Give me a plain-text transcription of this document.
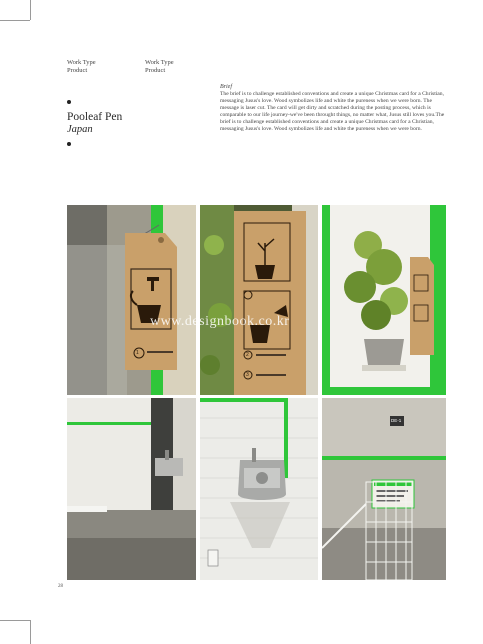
Work Type
Product
Work Type
Product
Pooleaf Pen
Japan
Brief
The brief is to challenge established conventions and create a unique Christmas card for a Christian, messaging Jusus's love. Wood symbolizes life and white the pureness when we were born. The message is laser cut. The card will get dirty and scratched during the posting process, which is comparable to our life journey-we've been throught things, no matter what, Jusus still loves you.The brief is to challenge established conventions and create a unique Christmas card for a Christian, messaging Jusus's love. Wood symbolizes life and white the pureness when we were born.
1	2
3
DE-1
www.designbook.co.kr
28
